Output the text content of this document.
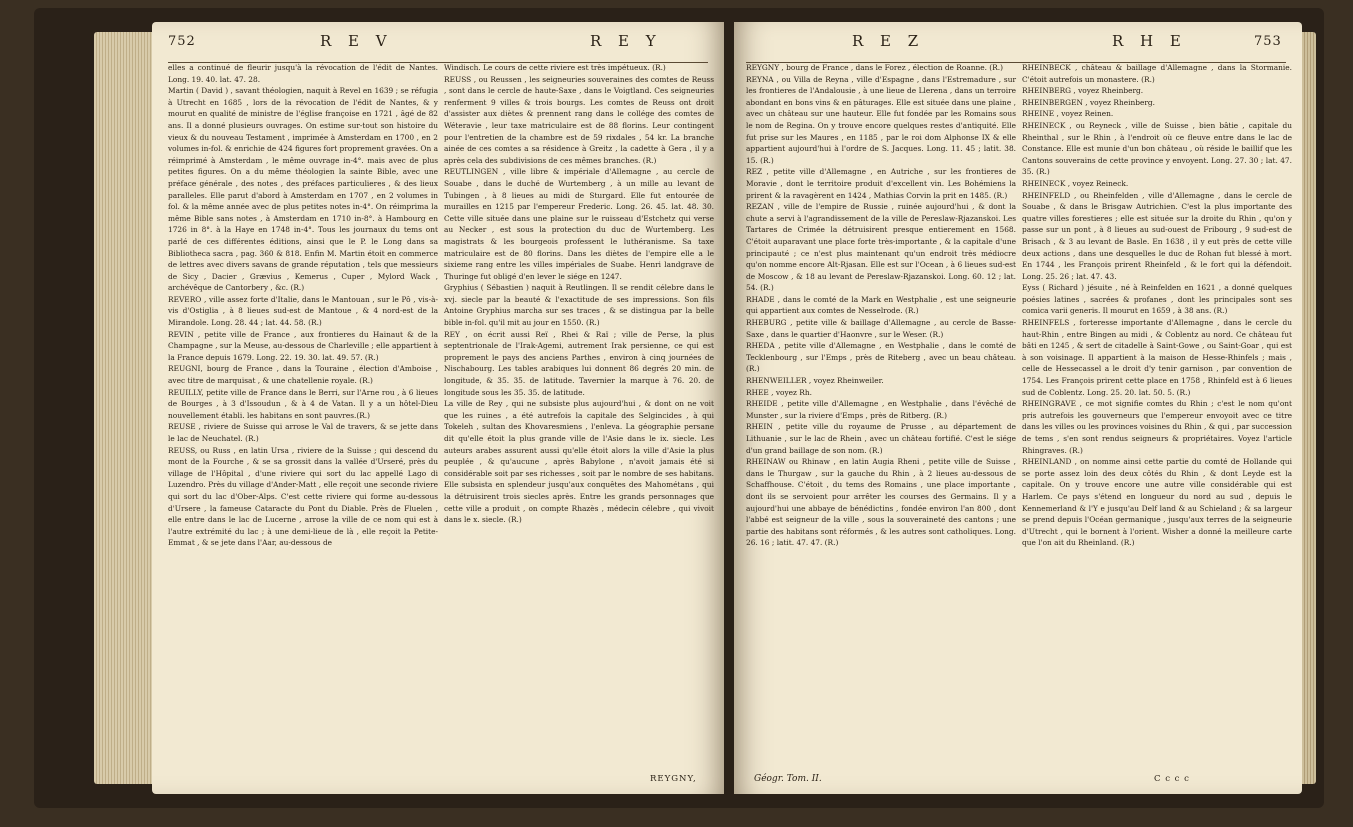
752	R E V	R E Y
elles a continué de fleurir jusqu'à la révocation de l'édit de Nantes. Long. 19. 40. lat. 47. 28.
Martin ( David ) , savant théologien, naquit à Revel en 1639 ; se réfugia à Utrecht en 1685 , lors de la révocation de l'édit de Nantes, & y mourut en qualité de ministre de l'église françoise en 1721 , âgé de 82 ans. Il a donné plusieurs ouvrages. On estime sur-tout son histoire du vieux & du nouveau Testament , imprimée à Amsterdam en 1700 , en 2 volumes in-fol. & enrichie de 424 figures fort proprement gravées. On a réimprimé à Amsterdam , le même ouvrage in-4°. mais avec de plus petites figures. On a du même théologien la sainte Bible, avec une préface générale , des notes , des préfaces particulieres , & des lieux paralleles. Elle parut d'abord à Amsterdam en 1707 , en 2 volumes in fol. & la même année avec de plus petites notes in-4°. On réimprima la même Bible sans notes , à Amsterdam en 1710 in-8°. à Hambourg en 1726 in 8°. à la Haye en 1748 in-4°. Tous les journaux du tems ont parlé de ces différentes éditions, ainsi que le P. le Long dans sa Bibliotheca sacra , pag. 360 & 818. Enfin M. Martin étoit en commerce de lettres avec divers savans de grande réputation , tels que messieurs de Sicy , Dacier , Grævius , Kemerus , Cuper , Mylord Wack , archévêque de Cantorbery , &c. (R.)
REVERO , ville assez forte d'Italie, dans le Mantouan , sur le Pô , vis-à-vis d'Ostiglia , à 8 lieues sud-est de Mantoue , & 4 nord-est de la Mirandole. Long. 28. 44 ; lat. 44. 58. (R.)
REVIN , petite ville de France , aux frontieres du Hainaut & de la Champagne , sur la Meuse, au-dessous de Charleville ; elle appartient à la France depuis 1679. Long. 22. 19. 30. lat. 49. 57. (R.)
REUGNI, bourg de France , dans la Touraine , élection d'Amboise , avec titre de marquisat , & une chatellenie royale. (R.)
REUILLY, petite ville de France dans le Berri, sur l'Arne rou , à 6 lieues de Bourges , à 3 d'Issoudun , & à 4 de Vatan. Il y a un hôtel-Dieu nouvellement établi. les habitans en sont pauvres.(R.)
REUSE , riviere de Suisse qui arrose le Val de travers, & se jette dans le lac de Neuchatel. (R.)
REUSS, ou Russ , en latin Ursa , riviere de la Suisse ; qui descend du mont de la Fourche , & se sa grossit dans la vallée d'Urseré, près du village de l'Hôpital , d'une riviere qui sort du lac appellé Lago di Luzendro. Près du village d'Ander-Matt , elle reçoit une seconde riviere qui sort du lac d'Ober-Alps. C'est cette riviere qui forme au-dessous d'Ursere , la fameuse Cataracte du Pont du Diable. Près de Fluelen , elle entre dans le lac de Lucerne , arrose la ville de ce nom qui est à l'autre extrémité du lac ; à une demi-lieue de là , elle reçoit la Petite-Emmat , & se jete dans l'Aar, au-dessous de
Windisch. Le cours de cette riviere est très impétueux. (R.)
REUSS , ou Reussen , les seigneuries souveraines des comtes de Reuss , sont dans le cercle de haute-Saxe , dans le Voigtland. Ces seigneuries renferment 9 villes & trois bourgs. Les comtes de Reuss ont droit d'assister aux diètes & prennent rang dans le collége des comtes de Wéteravie , leur taxe matriculaire est de 88 florins. Leur contingent pour l'entretien de la chambre est de 59 rixdales , 54 kr. La branche ainée de ces comtes a sa résidence à Greitz , la cadette à Gera , il y a après cela des subdivisions de ces mêmes branches. (R.)
REUTLINGEN , ville libre & impériale d'Allemagne , au cercle de Souabe , dans le duché de Wurtemberg , à un mille au levant de Tubingen , à 8 lieues au midi de Sturgard. Elle fut entourée de murailles en 1215 par l'empereur Frederic. Long. 26. 45. lat. 48. 30. Cette ville située dans une plaine sur le ruisseau d'Estchetz qui verse au Necker , est sous la protection du duc de Wurtemberg. Les magistrats & les bourgeois professent le luthéranisme. Sa taxe matriculaire est de 80 florins. Dans les diètes de l'empire elle a le sixieme rang entre les villes impériales de Suabe. Henri landgrave de Thuringe fut obligé d'en lever le siége en 1247.
Gryphius ( Sébastien ) naquit à Reutlingen. Il se rendit célebre dans le xvj. siecle par la beauté & l'exactitude de ses impressions. Son fils Antoine Gryphius marcha sur ses traces , & se distingua par la belle bible in-fol. qu'il mit au jour en 1550. (R.)
REY , on écrit aussi Reï , Rhei & Raï ; ville de Perse, la plus septentrionale de l'Irak-Agemi, autrement Irak persienne, ce qui est proprement le pays des anciens Parthes , environ à cinq journées de Nischabourg. Les tables arabiques lui donnent 86 degrés 20 min. de longitude, & 35. 35. de latitude. Tavernier la marque à 76. 20. de longitude sous les 35. 35. de latitude.
La ville de Rey , qui ne subsiste plus aujourd'hui , & dont on ne voit que les ruines , a été autrefois la capitale des Selgincides , à qui Tokeleh , sultan des Khovaresmiens , l'enleva. La géographie persane dit qu'elle étoit la plus grande ville de l'Asie dans le ix. siecle. Les auteurs arabes assurent aussi qu'elle étoit alors la ville d'Asie la plus peuplée , & qu'aucune , après Babylone , n'avoit jamais été si considérable soit par ses richesses , soit par le nombre de ses habitans. Elle subsista en splendeur jusqu'aux conquêtes des Mahométans , qui la détruisirent trois siecles après. Entre les grands personnages que cette ville a produit , on compte Rhazès , médecin célebre , qui vivoit dans le x. siecle. (R.)
REYGNY,
R E Z	R H E	753
REYGNY , bourg de France , dans le Forez , élection de Roanne. (R.)
REYNA , ou Villa de Reyna , ville d'Espagne , dans l'Estremadure , sur les frontieres de l'Andalousie , à une lieue de Llerena , dans un terroire abondant en bons vins & en pâturages. Elle est située dans une plaine , avec un château sur une hauteur. Elle fut fondée par les Romains sous le nom de Regina. On y trouve encore quelques restes d'antiquité. Elle fut prise sur les Maures , en 1185 , par le roi dom Alphonse IX & elle appartient aujourd'hui à l'ordre de S. Jacques. Long. 11. 45 ; latit. 38. 15. (R.)
REZ , petite ville d'Allemagne , en Autriche , sur les frontieres de Moravie , dont le territoire produit d'excellent vin. Les Bohémiens la prirent & la ravagèrent en 1424 , Mathias Corvin la prit en 1485. (R.)
REZAN , ville de l'empire de Russie , ruinée aujourd'hui , & dont la chute a servi à l'agrandissement de la ville de Pereslaw-Rjazanskoi. Les Tartares de Crimée la détruisirent presque entierement en 1568. C'étoit auparavant une place forte très-importante , & la capitale d'une principauté ; ce n'est plus maintenant qu'un endroit très médiocre qu'on nomme encore Alt-Rjasan. Elle est sur l'Ocean , à 6 lieues sud-est de Moscow , & 18 au levant de Pereslaw-Rjazanskoi. Long. 60. 12 ; lat. 54. (R.)
RHADE , dans le comté de la Mark en Westphalie , est une seigneurie qui appartient aux comtes de Nesselrode. (R.)
RHEBURG , petite ville & baillage d'Allemagne , au cercle de Basse-Saxe , dans le quartier d'Haonvre , sur le Weser. (R.)
RHEDA , petite ville d'Allemagne , en Westphalie , dans le comté de Tecklenbourg , sur l'Emps , près de Riteberg , avec un beau château. (R.)
RHENWEILLER , voyez Rheinweiler.
RHEE , voyez Rh.
RHEIDE , petite ville d'Allemagne , en Westphalie , dans l'évêché de Munster , sur la riviere d'Emps , près de Ritberg. (R.)
RHEIN , petite ville du royaume de Prusse , au département de Lithuanie , sur le lac de Rhein , avec un château fortifié. C'est le siége d'un grand baillage de son nom. (R.)
RHEINAW ou Rhinaw , en latin Augia Rheni , petite ville de Suisse , dans le Thurgaw , sur la gauche du Rhin , à 2 lieues au-dessous de Schaffhouse. C'étoit , du tems des Romains , une place importante , dont ils se servoient pour arrêter les courses des Germains. Il y a aujourd'hui une abbaye de bénédictins , fondée environ l'an 800 , dont l'abbé est seigneur de la ville , sous la souveraineté des cantons ; une partie des habitans sont réformés , & les autres sont catholiques. Long. 26. 16 ; latit. 47. 47. (R.)
RHEINBECK , château & baillage d'Allemagne , dans la Stormanie. C'étoit autrefois un monastere. (R.)
RHEINBERG , voyez Rheinberg.
RHEINBERGEN , voyez Rheinberg.
RHEINE , voyez Reinen.
RHEINECK , ou Reyneck , ville de Suisse , bien bâtie , capitale du Rheinthal , sur le Rhin , à l'endroit où ce fleuve entre dans le lac de Constance. Elle est munie d'un bon château , où réside le baillif que les Cantons souverains de cette province y envoyent. Long. 27. 30 ; lat. 47. 35. (R.)
RHEINECK , voyez Reineck.
RHEINFELD , ou Rheinfelden , ville d'Allemagne , dans le cercle de Souabe , & dans le Brisgaw Autrichien. C'est la plus importante des quatre villes forestieres ; elle est située sur la droite du Rhin , qu'on y passe sur un pont , à 8 lieues au sud-ouest de Fribourg , 9 sud-est de Brisach , & 3 au levant de Basle. En 1638 , il y eut près de cette ville deux actions , dans une desquelles le duc de Rohan fut blessé à mort. En 1744 , les François prirent Rheinfeld , & le fort qui la défendoit. Long. 25. 26 ; lat. 47. 43.
Eyss ( Richard ) jésuite , né à Reinfelden en 1621 , a donné quelques poésies latines , sacrées & profanes , dont les principales sont ses comica varii generis. Il mourut en 1659 , à 38 ans. (R.)
RHEINFELS , forteresse importante d'Allemagne , dans le cercle du haut-Rhin , entre Bingen au midi , & Coblentz au nord. Ce château fut bâti en 1245 , & sert de citadelle à Saint-Gowe , ou Saint-Goar , qui est à son voisinage. Il appartient à la maison de Hesse-Rhinfels ; mais , celle de Hessecassel a le droit d'y tenir garnison , par convention de 1754. Les François prirent cette place en 1758 , Rhinfeld est à 6 lieues sud de Coblentz. Long. 25. 20. lat. 50. 5. (R.)
RHEINGRAVE , ce mot signifie comtes du Rhin ; c'est le nom qu'ont pris autrefois les gouverneurs que l'empereur envoyoit avec ce titre dans les villes ou les provinces voisines du Rhin , & qui , par succession de tems , s'en sont rendus seigneurs & propriétaires. Voyez l'article Rhingraves. (R.)
RHEINLAND , on nomme ainsi cette partie du comté de Hollande qui se porte assez loin des deux côtés du Rhin , & dont Leyde est la capitale. On y trouve encore une autre ville considérable qui est Harlem. Ce pays s'étend en longueur du nord au sud , depuis le Kennemerland & l'Y e jusqu'au Delf land & au Schieland ; & sa largeur se prend depuis l'Océan germanique , jusqu'aux terres de la seigneurie d'Utrecht , qui le bornent à l'orient. Wisher a donné la meilleure carte que l'on ait du Rheinland. (R.)
Géogr. Tom. II.	C c c c
